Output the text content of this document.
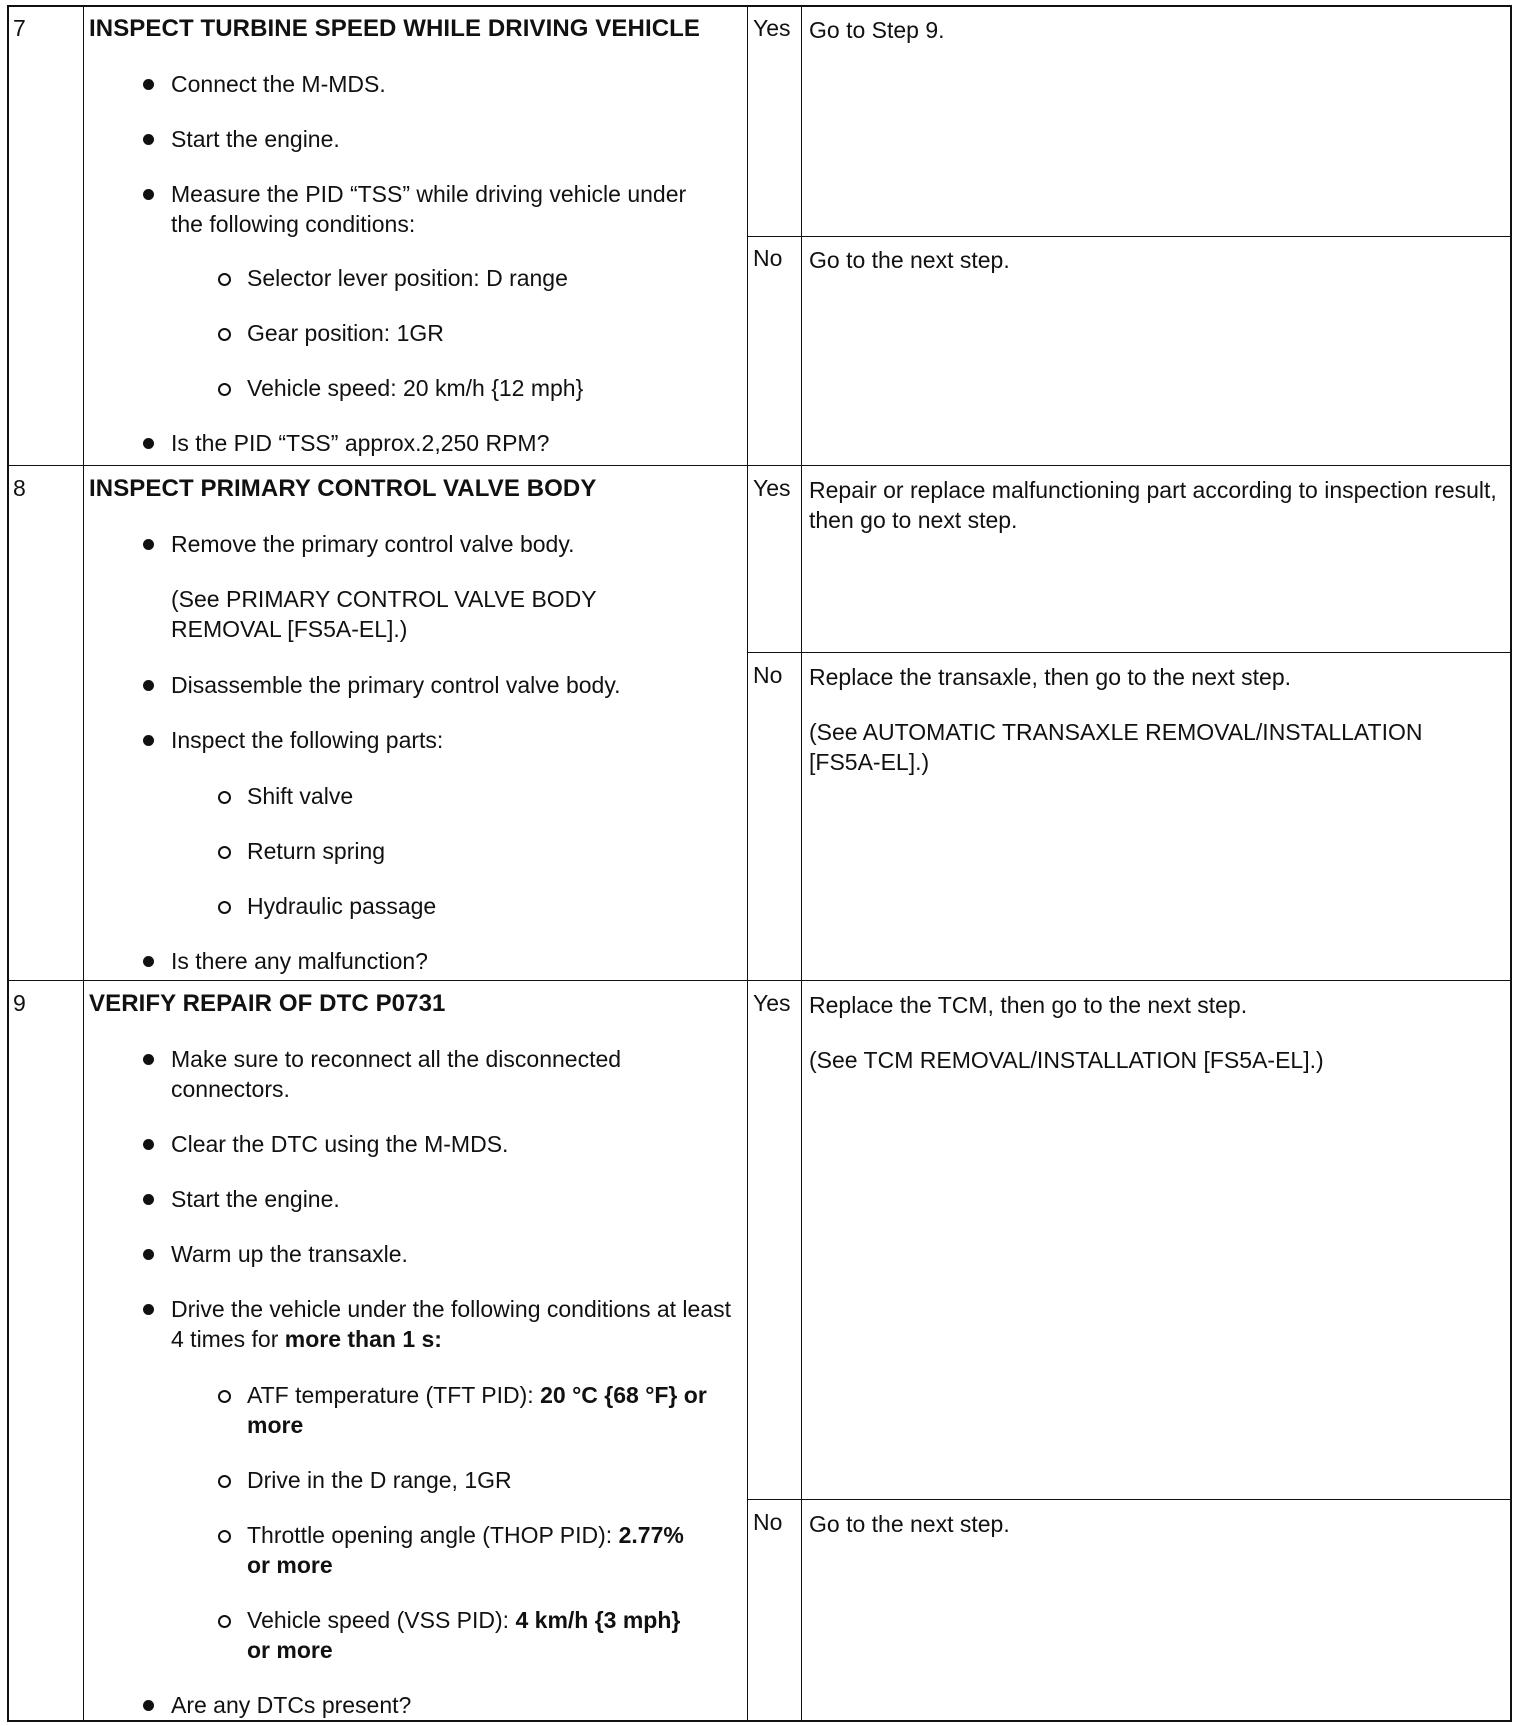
7	INSPECT TURBINE SPEED WHILE DRIVING VEHICLE
Connect the M-MDS.
Start the engine.
Measure the PID “TSS” while driving vehicle under the following conditions:
Selector lever position: D range
Gear position: 1GR
Vehicle speed: 20 km/h {12 mph}
Is the PID “TSS” approx.2,250 RPM?
Yes Go to Step 9.
No Go to the next step.
8	INSPECT PRIMARY CONTROL VALVE BODY
Remove the primary control valve body.
(See PRIMARY CONTROL VALVE BODY REMOVAL [FS5A-EL].)
Disassemble the primary control valve body.
Inspect the following parts:
Shift valve
Return spring
Hydraulic passage
Is there any malfunction?
Yes Repair or replace malfunctioning part according to inspection result, then go to next step.
No Replace the transaxle, then go to the next step.
(See AUTOMATIC TRANSAXLE REMOVAL/INSTALLATION [FS5A-EL].)
9	VERIFY REPAIR OF DTC P0731
Make sure to reconnect all the disconnected connectors.
Clear the DTC using the M-MDS.
Start the engine.
Warm up the transaxle.
Drive the vehicle under the following conditions at least 4 times for more than 1 s:
ATF temperature (TFT PID): 20 °C {68 °F} or more
Drive in the D range, 1GR
Throttle opening angle (THOP PID): 2.77% or more
Vehicle speed (VSS PID): 4 km/h {3 mph} or more
Are any DTCs present?
Yes Replace the TCM, then go to the next step.
(See TCM REMOVAL/INSTALLATION [FS5A-EL].)
No Go to the next step.
